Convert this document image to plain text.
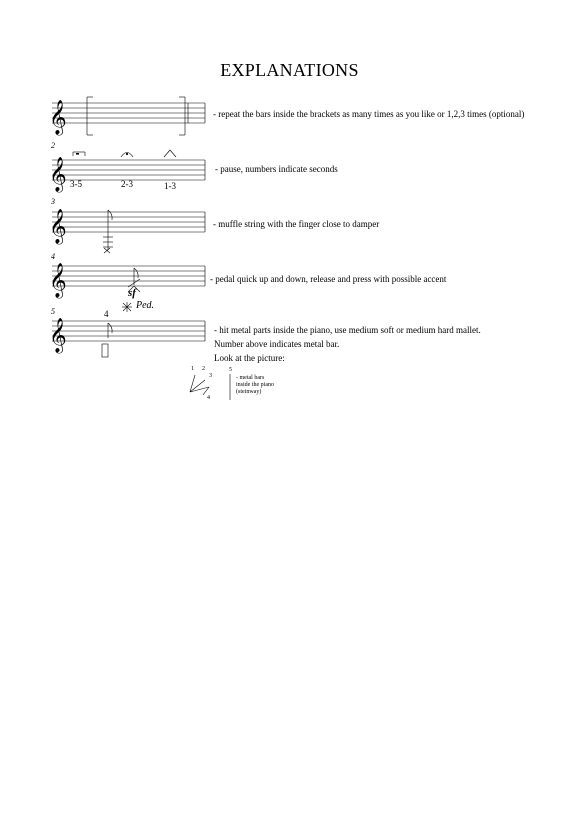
EXPLANATIONS
𝄞
𝄞
𝄞
𝄞
𝄞
2
3
4
5
3-5	2-3	1-3
sf
Ped.
4
- repeat the bars inside the brackets as many times as you like or 1,2,3 times (optional)
- pause, numbers indicate seconds
- muffle string with the finger close to damper
- pedal quick up and down, release and press with possible accent
- hit metal parts inside the piano, use medium soft or medium hard mallet.
Number above indicates metal bar.
Look at the picture:
1 2
3
4
5
- metal bars
inside the piano
(steinway)
